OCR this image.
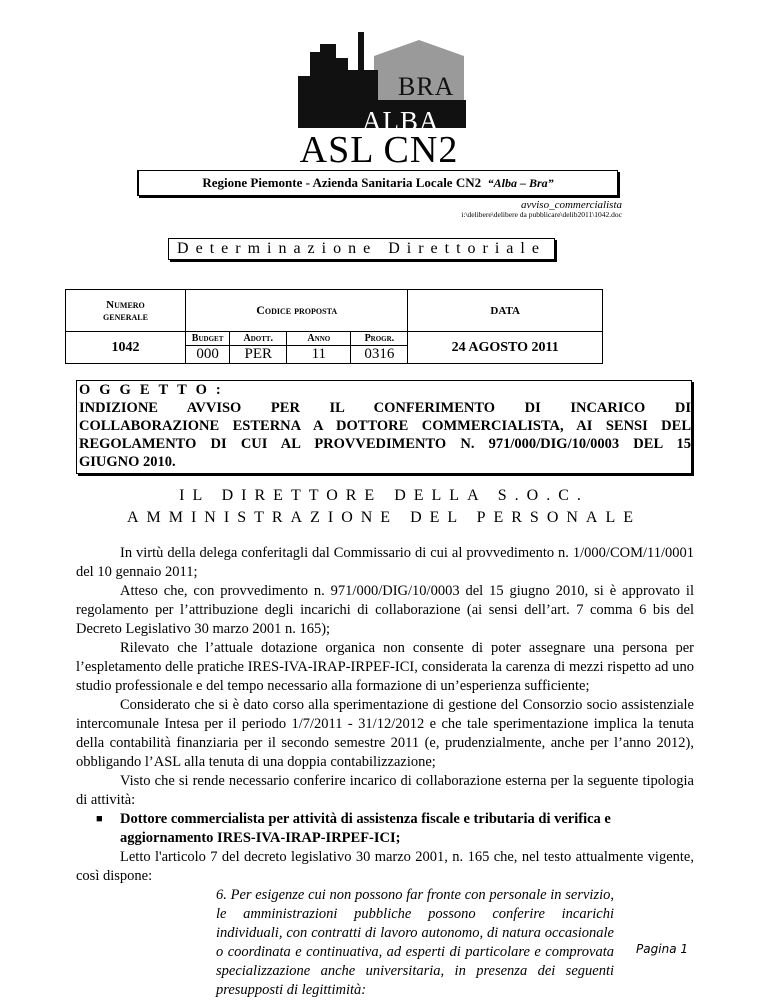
BRA
ALBA
ASL CN2
Regione Piemonte - Azienda Sanitaria Locale CN2 “Alba – Bra”
avviso_commercialista
i:\delibere\delibere da pubblicare\delib2011\1042.doc
Determinazione Direttoriale
Numero
generale	Codice proposta				DATA
1042	Budget	Adott.	Anno	Progr.	24 AGOSTO 2011
	000	PER	11	0316	
OGGETTO:
INDIZIONE AVVISO PER IL CONFERIMENTO DI INCARICO DI
COLLABORAZIONE ESTERNA A DOTTORE COMMERCIALISTA, AI SENSI DEL
REGOLAMENTO DI CUI AL PROVVEDIMENTO N. 971/000/DIG/10/0003 DEL 15
GIUGNO 2010.
IL DIRETTORE DELLA S.O.C.
AMMINISTRAZIONE DEL PERSONALE
In virtù della delega conferitagli dal Commissario di cui al provvedimento n. 1/000/COM/11/0001 del 10 gennaio 2011;
Atteso che, con provvedimento n. 971/000/DIG/10/0003 del 15 giugno 2010, si è approvato il regolamento per l’attribuzione degli incarichi di collaborazione (ai sensi dell’art. 7 comma 6 bis del Decreto Legislativo 30 marzo 2001 n. 165);
Rilevato che l’attuale dotazione organica non consente di poter assegnare una persona per l’espletamento delle pratiche IRES-IVA-IRAP-IRPEF-ICI, considerata la carenza di mezzi rispetto ad uno studio professionale e del tempo necessario alla formazione di un’esperienza sufficiente;
Considerato che si è dato corso alla sperimentazione di gestione del Consorzio socio assistenziale intercomunale Intesa per il periodo 1/7/2011 - 31/12/2012 e che tale sperimentazione implica la tenuta della contabilità finanziaria per il secondo semestre 2011 (e, prudenzialmente, anche per l’anno 2012), obbligando l’ASL alla tenuta di una doppia contabilizzazione;
Visto che si rende necessario conferire incarico di collaborazione esterna per la seguente tipologia di attività:
■ Dottore commercialista per attività di assistenza fiscale e tributaria di verifica e aggiornamento IRES-IVA-IRAP-IRPEF-ICI;
Letto l'articolo 7 del decreto legislativo 30 marzo 2001, n. 165 che, nel testo attualmente vigente, così dispone:
6. Per esigenze cui non possono far fronte con personale in servizio, le amministrazioni pubbliche possono conferire incarichi individuali, con contratti di lavoro autonomo, di natura occasionale o coordinata e continuativa, ad esperti di particolare e comprovata specializzazione anche universitaria, in presenza dei seguenti presupposti di legittimità:
Pagina 1
